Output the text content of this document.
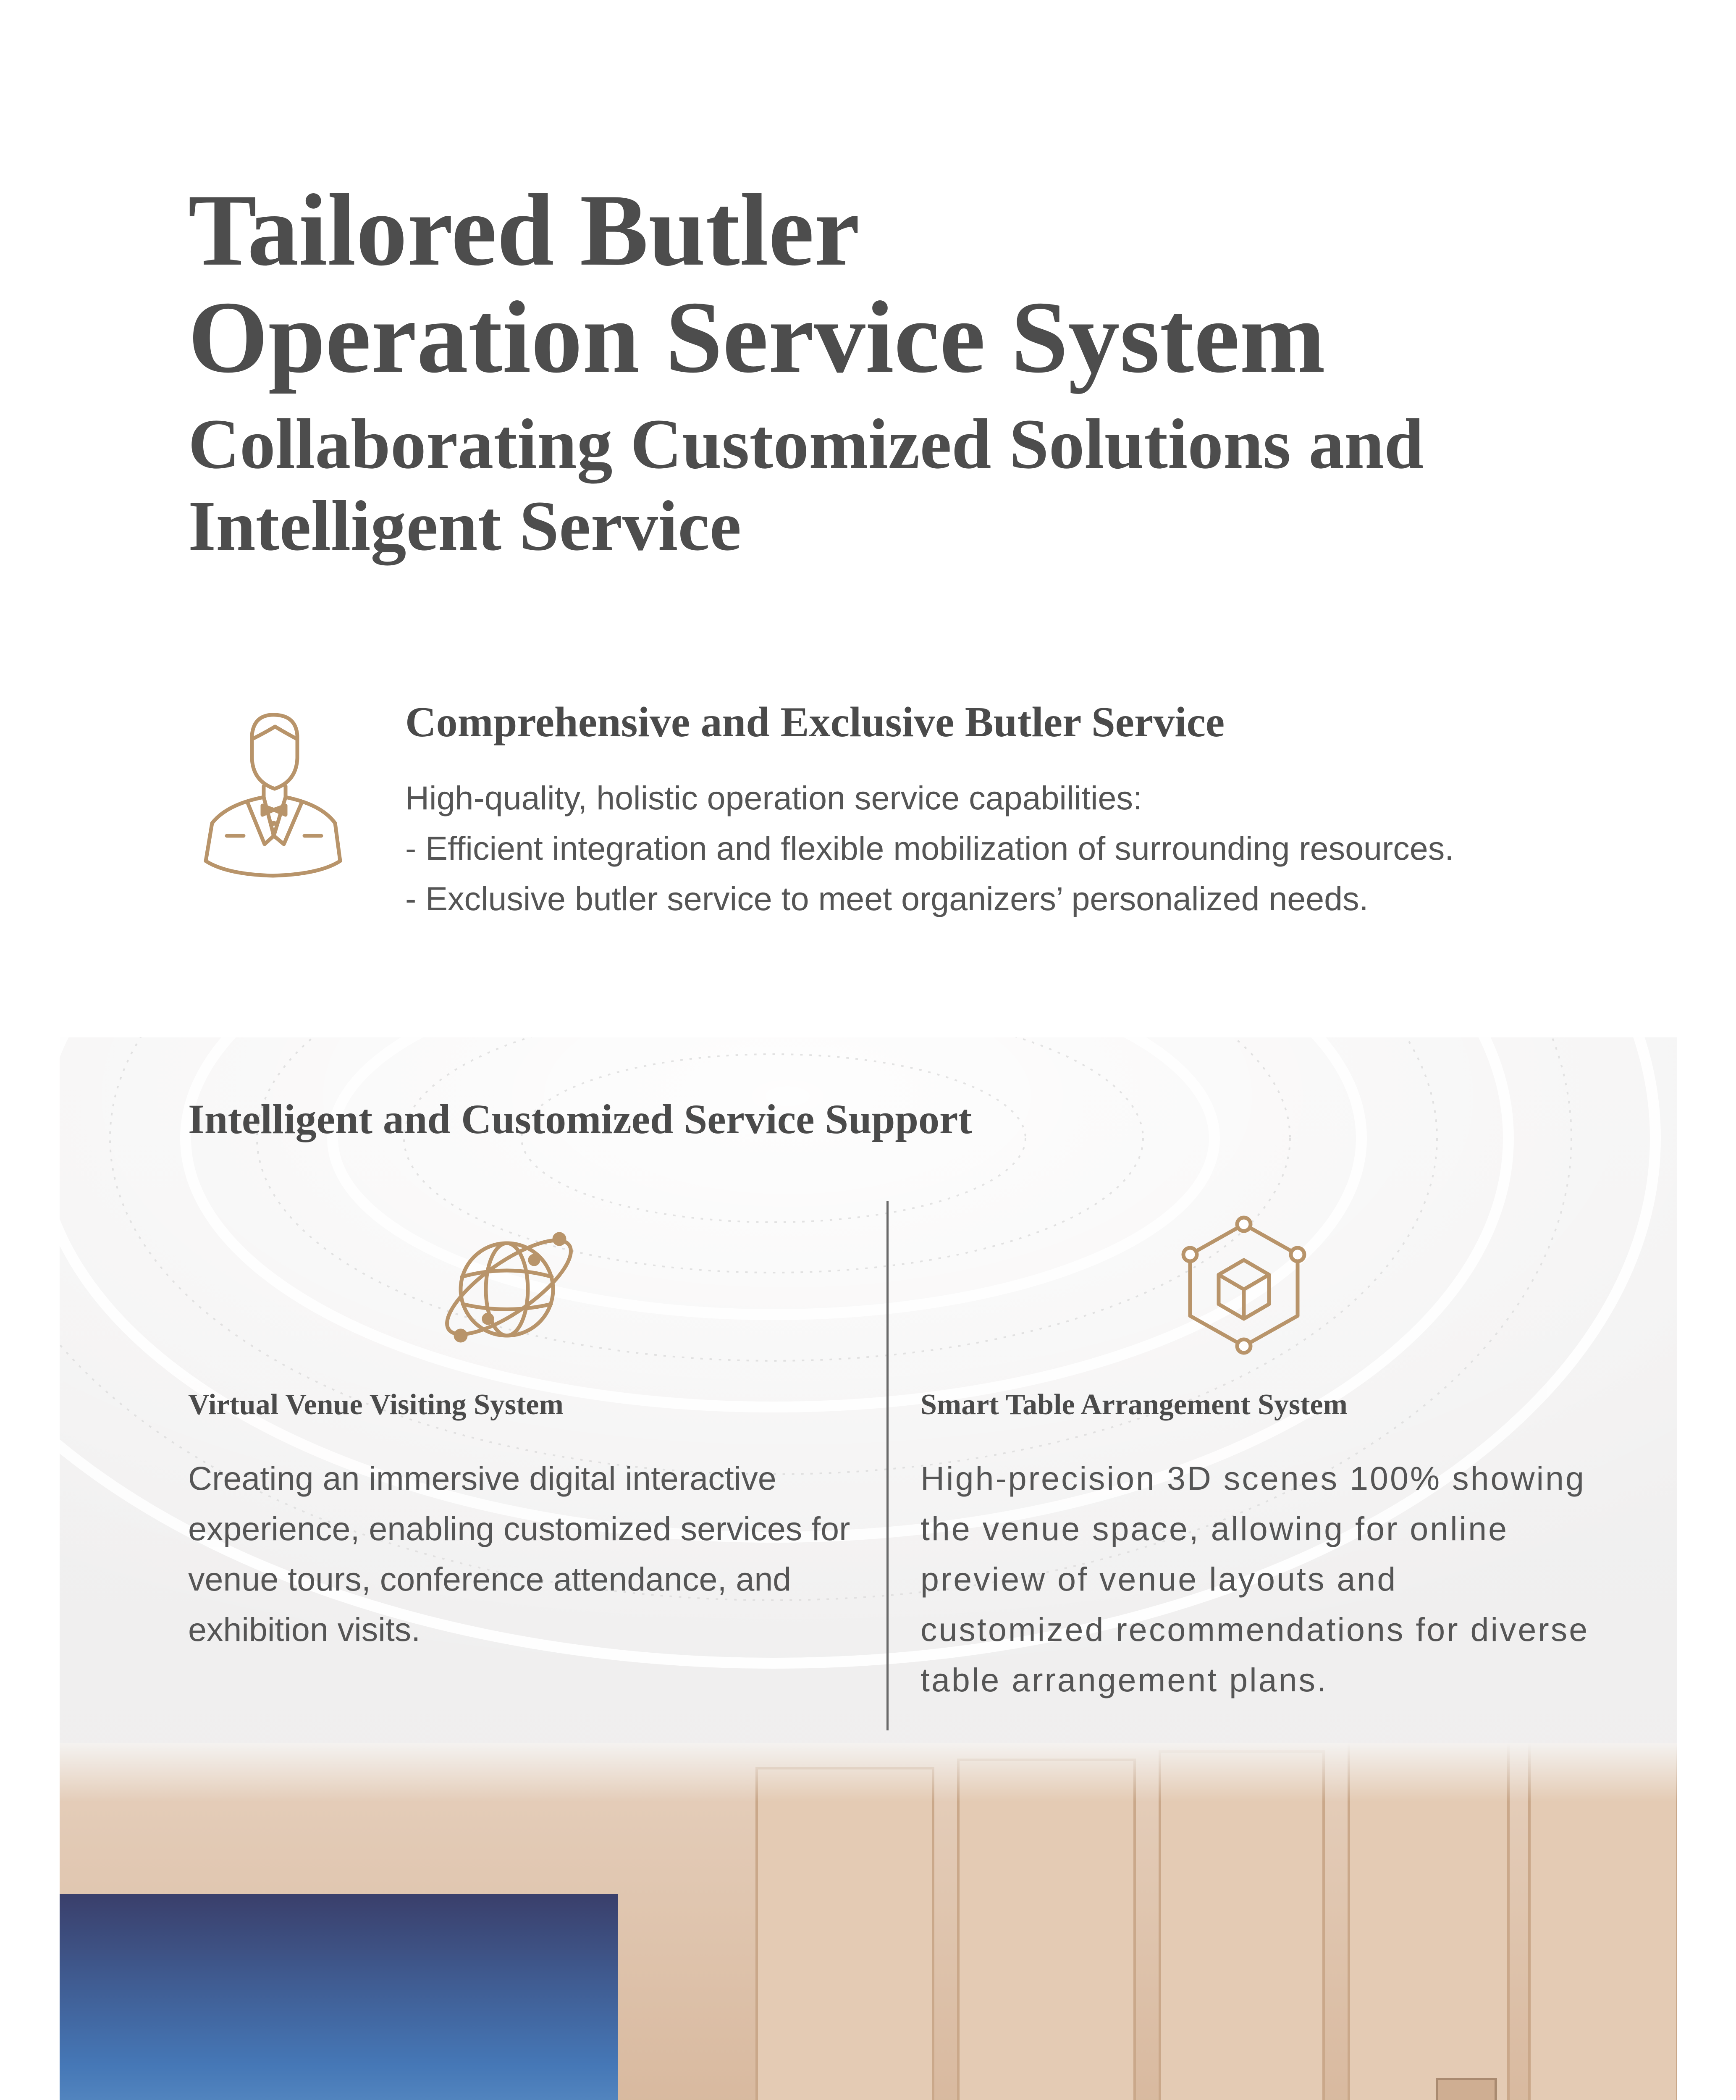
Tailored Butler
Operation Service System
Collaborating Customized Solutions and
Intelligent Service
Comprehensive and Exclusive Butler Service
High-quality, holistic operation service capabilities:
- Efficient integration and flexible mobilization of surrounding resources.
- Exclusive butler service to meet organizers’ personalized needs.
Intelligent and Customized Service Support
Virtual Venue Visiting System

Creating an immersive digital interactive experience, enabling customized services for venue tours, conference attendance, and exhibition visits.

Smart Table Arrangement System

High-precision 3D scenes 100% showing the venue space, allowing for online preview of venue layouts and customized recommendations for diverse table arrangement plans.
